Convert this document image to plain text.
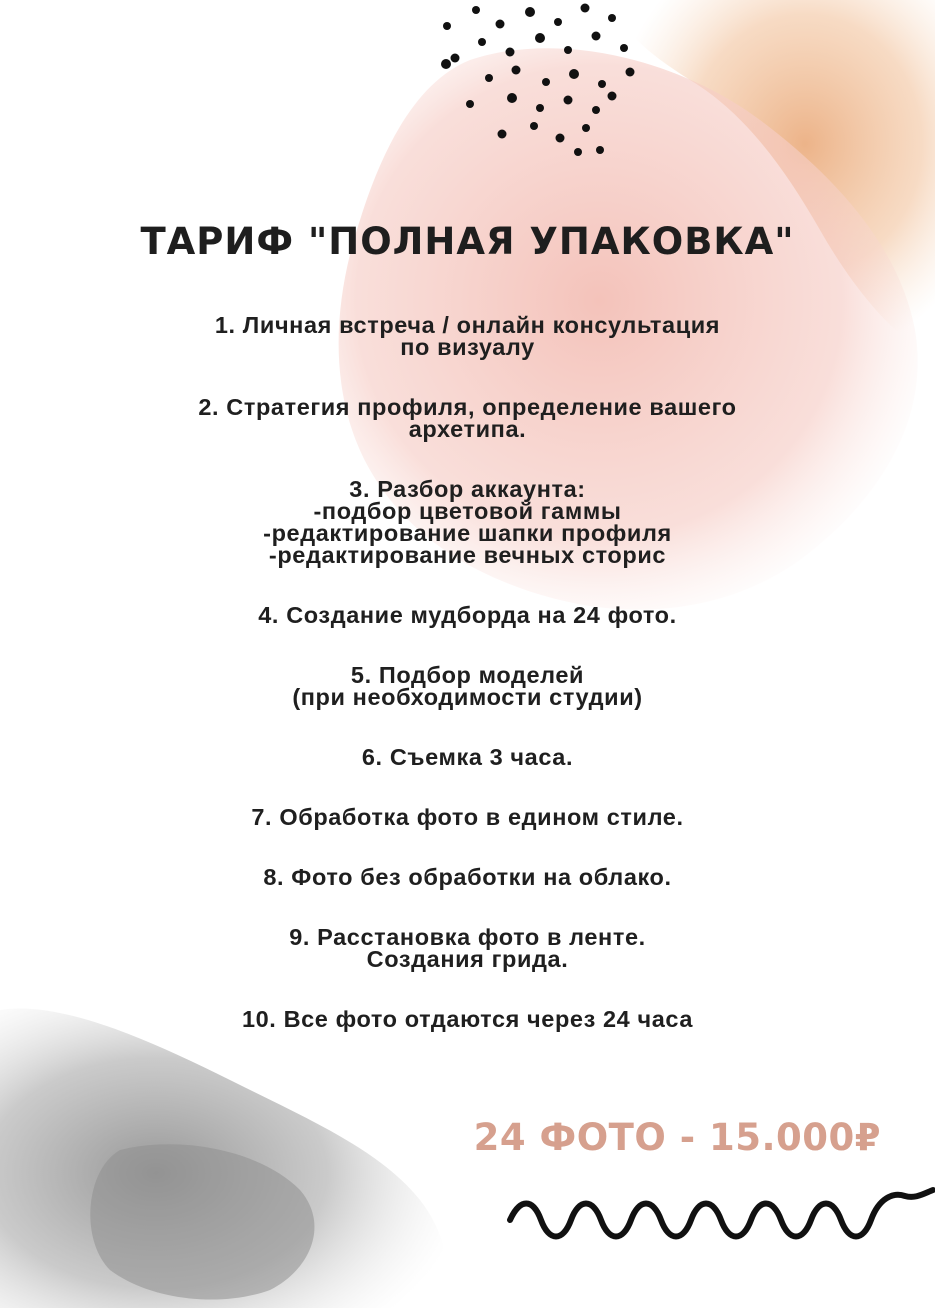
ТАРИФ "ПОЛНАЯ УПАКОВКА"
1. Личная встреча / онлайн консультация
по визуалу
2. Стратегия профиля, определение вашего
архетипа.
3. Разбор аккаунта:
-подбор цветовой гаммы
-редактирование шапки профиля
-редактирование вечных сторис
4. Создание мудборда на 24 фото.
5. Подбор моделей
(при необходимости студии)
6. Съемка 3 часа.
7. Обработка фото в едином стиле.
8. Фото без обработки на облако.
9. Расстановка фото в ленте.
Создания грида.
10. Все фото отдаются через 24 часа
24 ФОТО - 15.000₽
